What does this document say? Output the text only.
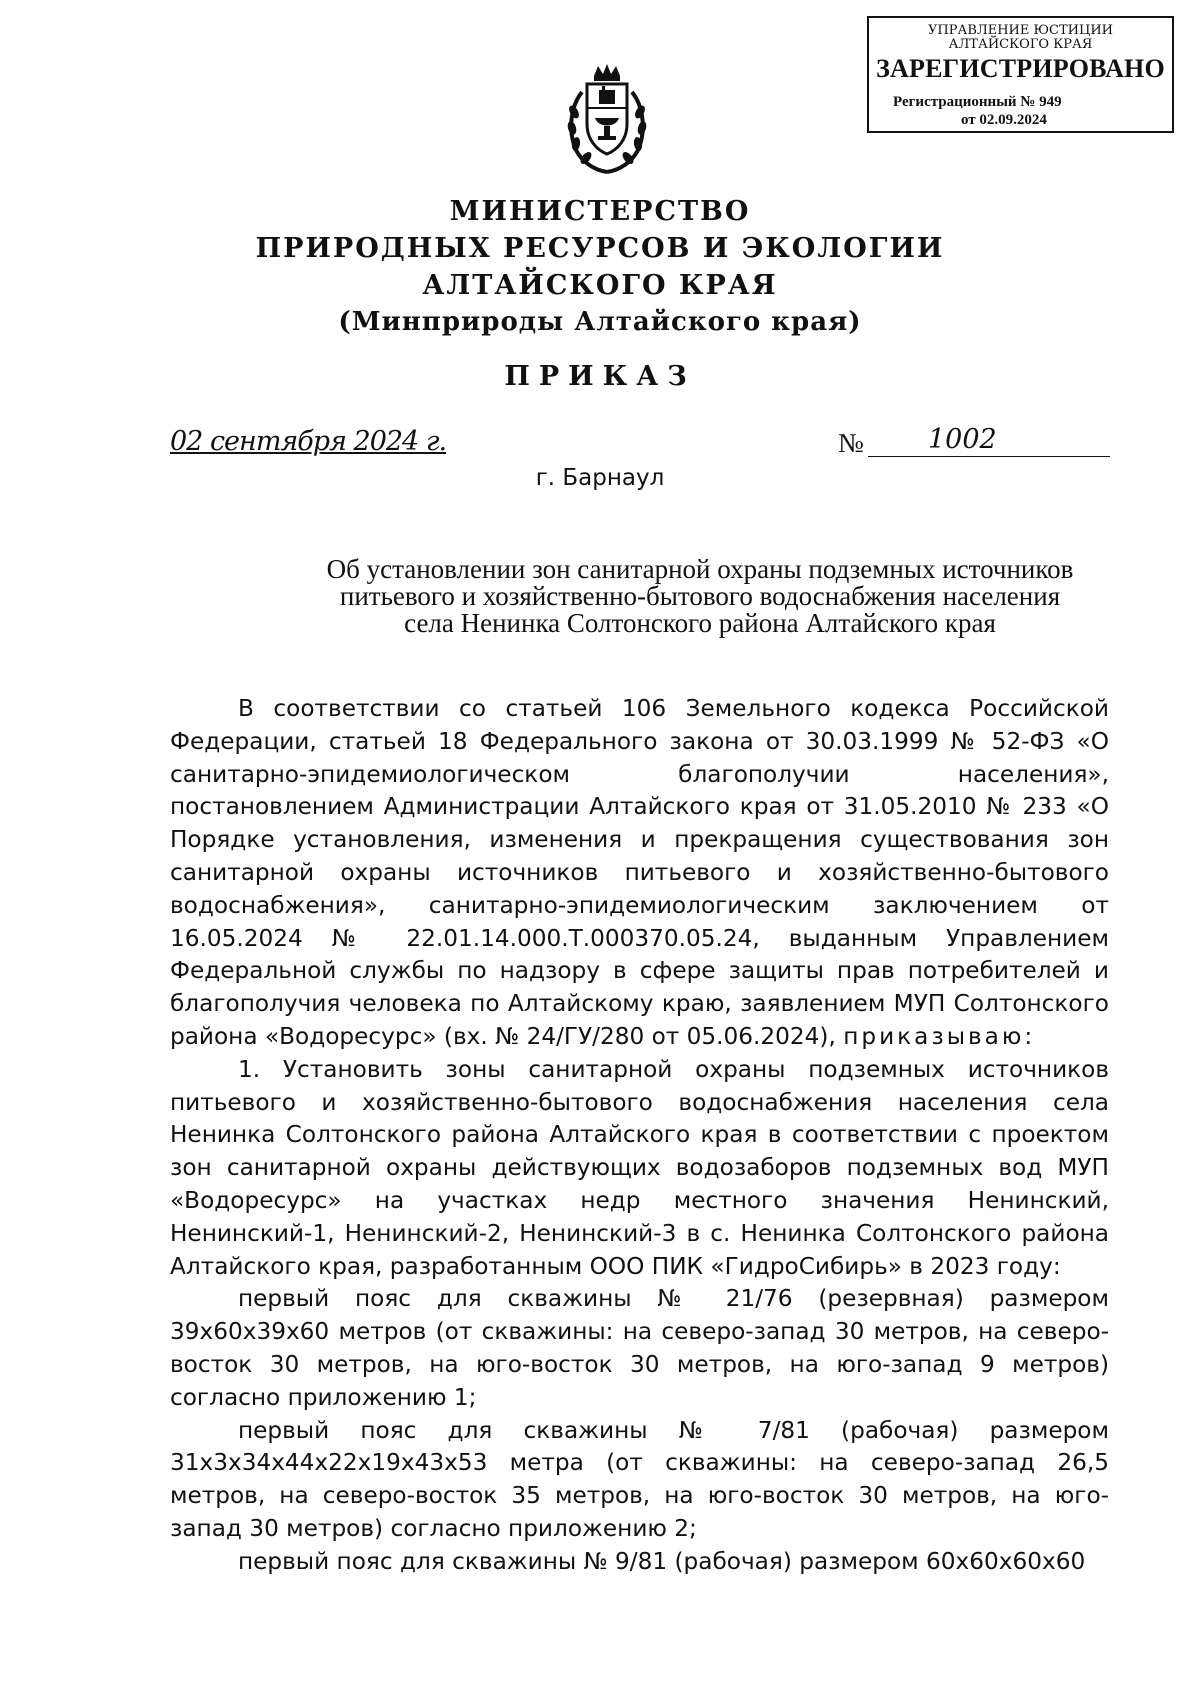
УПРАВЛЕНИЕ ЮСТИЦИИ
АЛТАЙСКОГО КРАЯ
ЗАРЕГИСТРИРОВАНО
Регистрационный № 949
от 02.09.2024
МИНИСТЕРСТВО
ПРИРОДНЫХ РЕСУРСОВ И ЭКОЛОГИИ
АЛТАЙСКОГО КРАЯ
(Минприроды Алтайского края)
ПРИКАЗ
02 сентября 2024 г.	№ 1002
г. Барнаул
Об установлении зон санитарной охраны подземных источников
питьевого и хозяйственно-бытового водоснабжения населения
села Ненинка Солтонского района Алтайского края

В соответствии со статьей 106 Земельного кодекса Российской Федерации, статьей 18 Федерального закона от 30.03.1999 № 52-ФЗ «О санитарно-эпидемиологическом благополучии населения», постановлением Администрации Алтайского края от 31.05.2010 № 233 «О Порядке установления, изменения и прекращения существования зон санитарной охраны источников питьевого и хозяйственно-бытового водоснабжения», санитарно-эпидемиологическим заключением от 16.05.2024 № 22.01.14.000.Т.000370.05.24, выданным Управлением Федеральной службы по надзору в сфере защиты прав потребителей и благополучия человека по Алтайскому краю, заявлением МУП Солтонского района «Водоресурс» (вх. № 24/ГУ/280 от 05.06.2024), приказываю:

1. Установить зоны санитарной охраны подземных источников питьевого и хозяйственно-бытового водоснабжения населения села Ненинка Солтонского района Алтайского края в соответствии с проектом зон санитарной охраны действующих водозаборов подземных вод МУП «Водоресурс» на участках недр местного значения Ненинский, Ненинский-1, Ненинский-2, Ненинский-3 в с. Ненинка Солтонского района Алтайского края, разработанным ООО ПИК «ГидроСибирь» в 2023 году:

первый пояс для скважины № 21/76 (резервная) размером 39х60х39х60 метров (от скважины: на северо-запад 30 метров, на северо-восток 30 метров, на юго-восток 30 метров, на юго-запад 9 метров) согласно приложению 1;

первый пояс для скважины № 7/81 (рабочая) размером 31х3х34х44х22х19х43х53 метра (от скважины: на северо-запад 26,5 метров, на северо-восток 35 метров, на юго-восток 30 метров, на юго-запад 30 метров) согласно приложению 2;

первый пояс для скважины № 9/81 (рабочая) размером 60х60х60х60
